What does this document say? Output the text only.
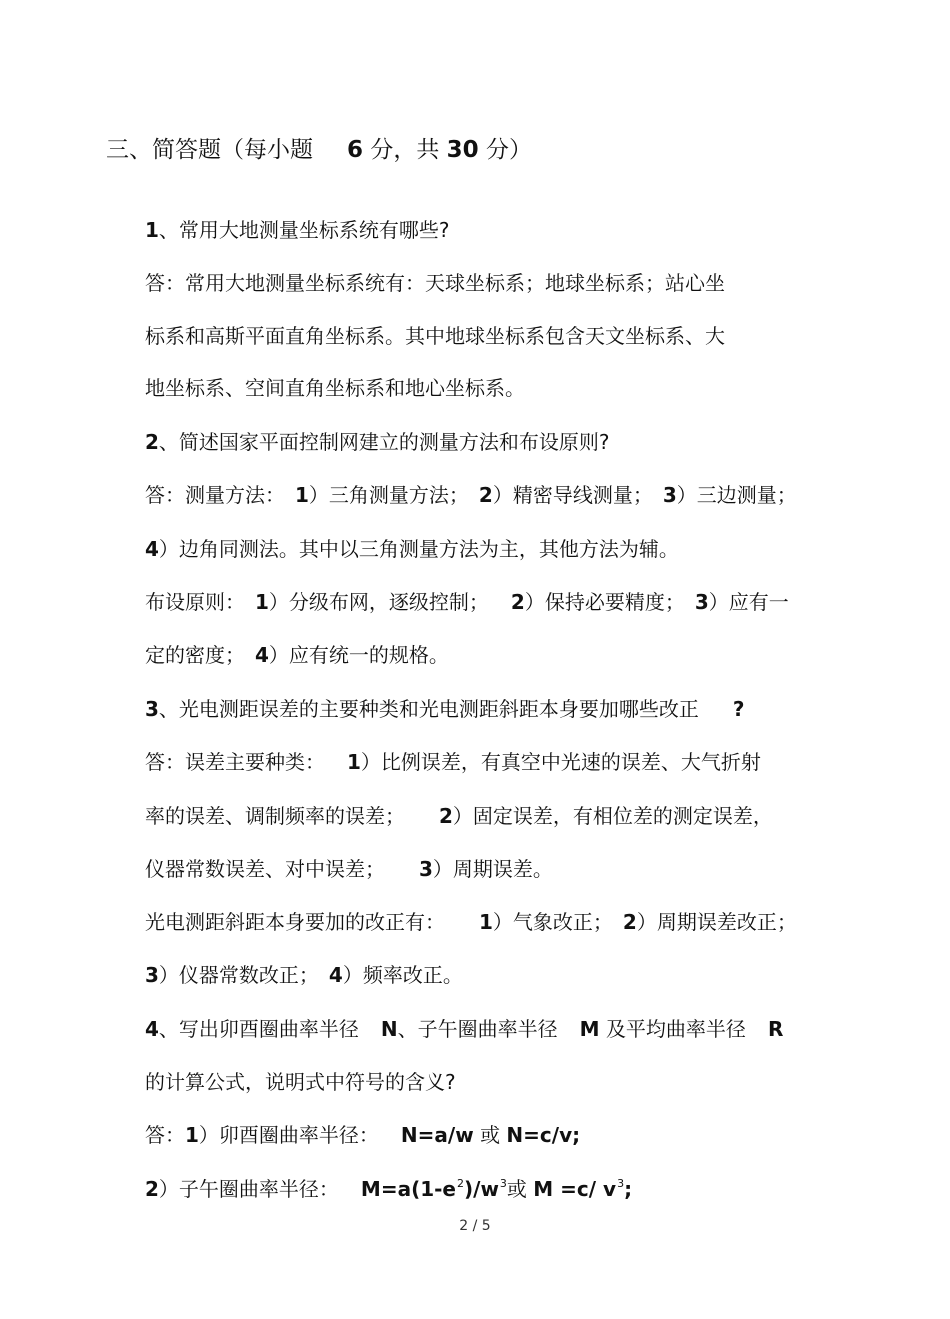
三、简答题（每小题 6 分，共 30 分）
1、常用大地测量坐标系统有哪些?
答：常用大地测量坐标系统有：天球坐标系；地球坐标系；站心坐
标系和高斯平面直角坐标系。其中地球坐标系包含天文坐标系、大
地坐标系、空间直角坐标系和地心坐标系。
2、简述国家平面控制网建立的测量方法和布设原则?
答：测量方法： 1）三角测量方法； 2）精密导线测量； 3）三边测量；
4）边角同测法。其中以三角测量方法为主，其他方法为辅。
布设原则： 1）分级布网，逐级控制； 2）保持必要精度； 3）应有一
定的密度； 4）应有统一的规格。
3、光电测距误差的主要种类和光电测距斜距本身要加哪些改正 ?
答：误差主要种类： 1）比例误差，有真空中光速的误差、大气折射
率的误差、调制频率的误差； 2）固定误差，有相位差的测定误差，
仪器常数误差、对中误差； 3）周期误差。
光电测距斜距本身要加的改正有： 1）气象改正； 2）周期误差改正；
3）仪器常数改正； 4）频率改正。
4、写出卯酉圈曲率半径 N、子午圈曲率半径 M 及平均曲率半径 R
的计算公式，说明式中符号的含义?
答：1）卯酉圈曲率半径： N=a/w 或 N=c/v;
2）子午圈曲率半径： $M=a(1-e^2)/w^3$或 M =c/ $v^3$;
2 / 5
